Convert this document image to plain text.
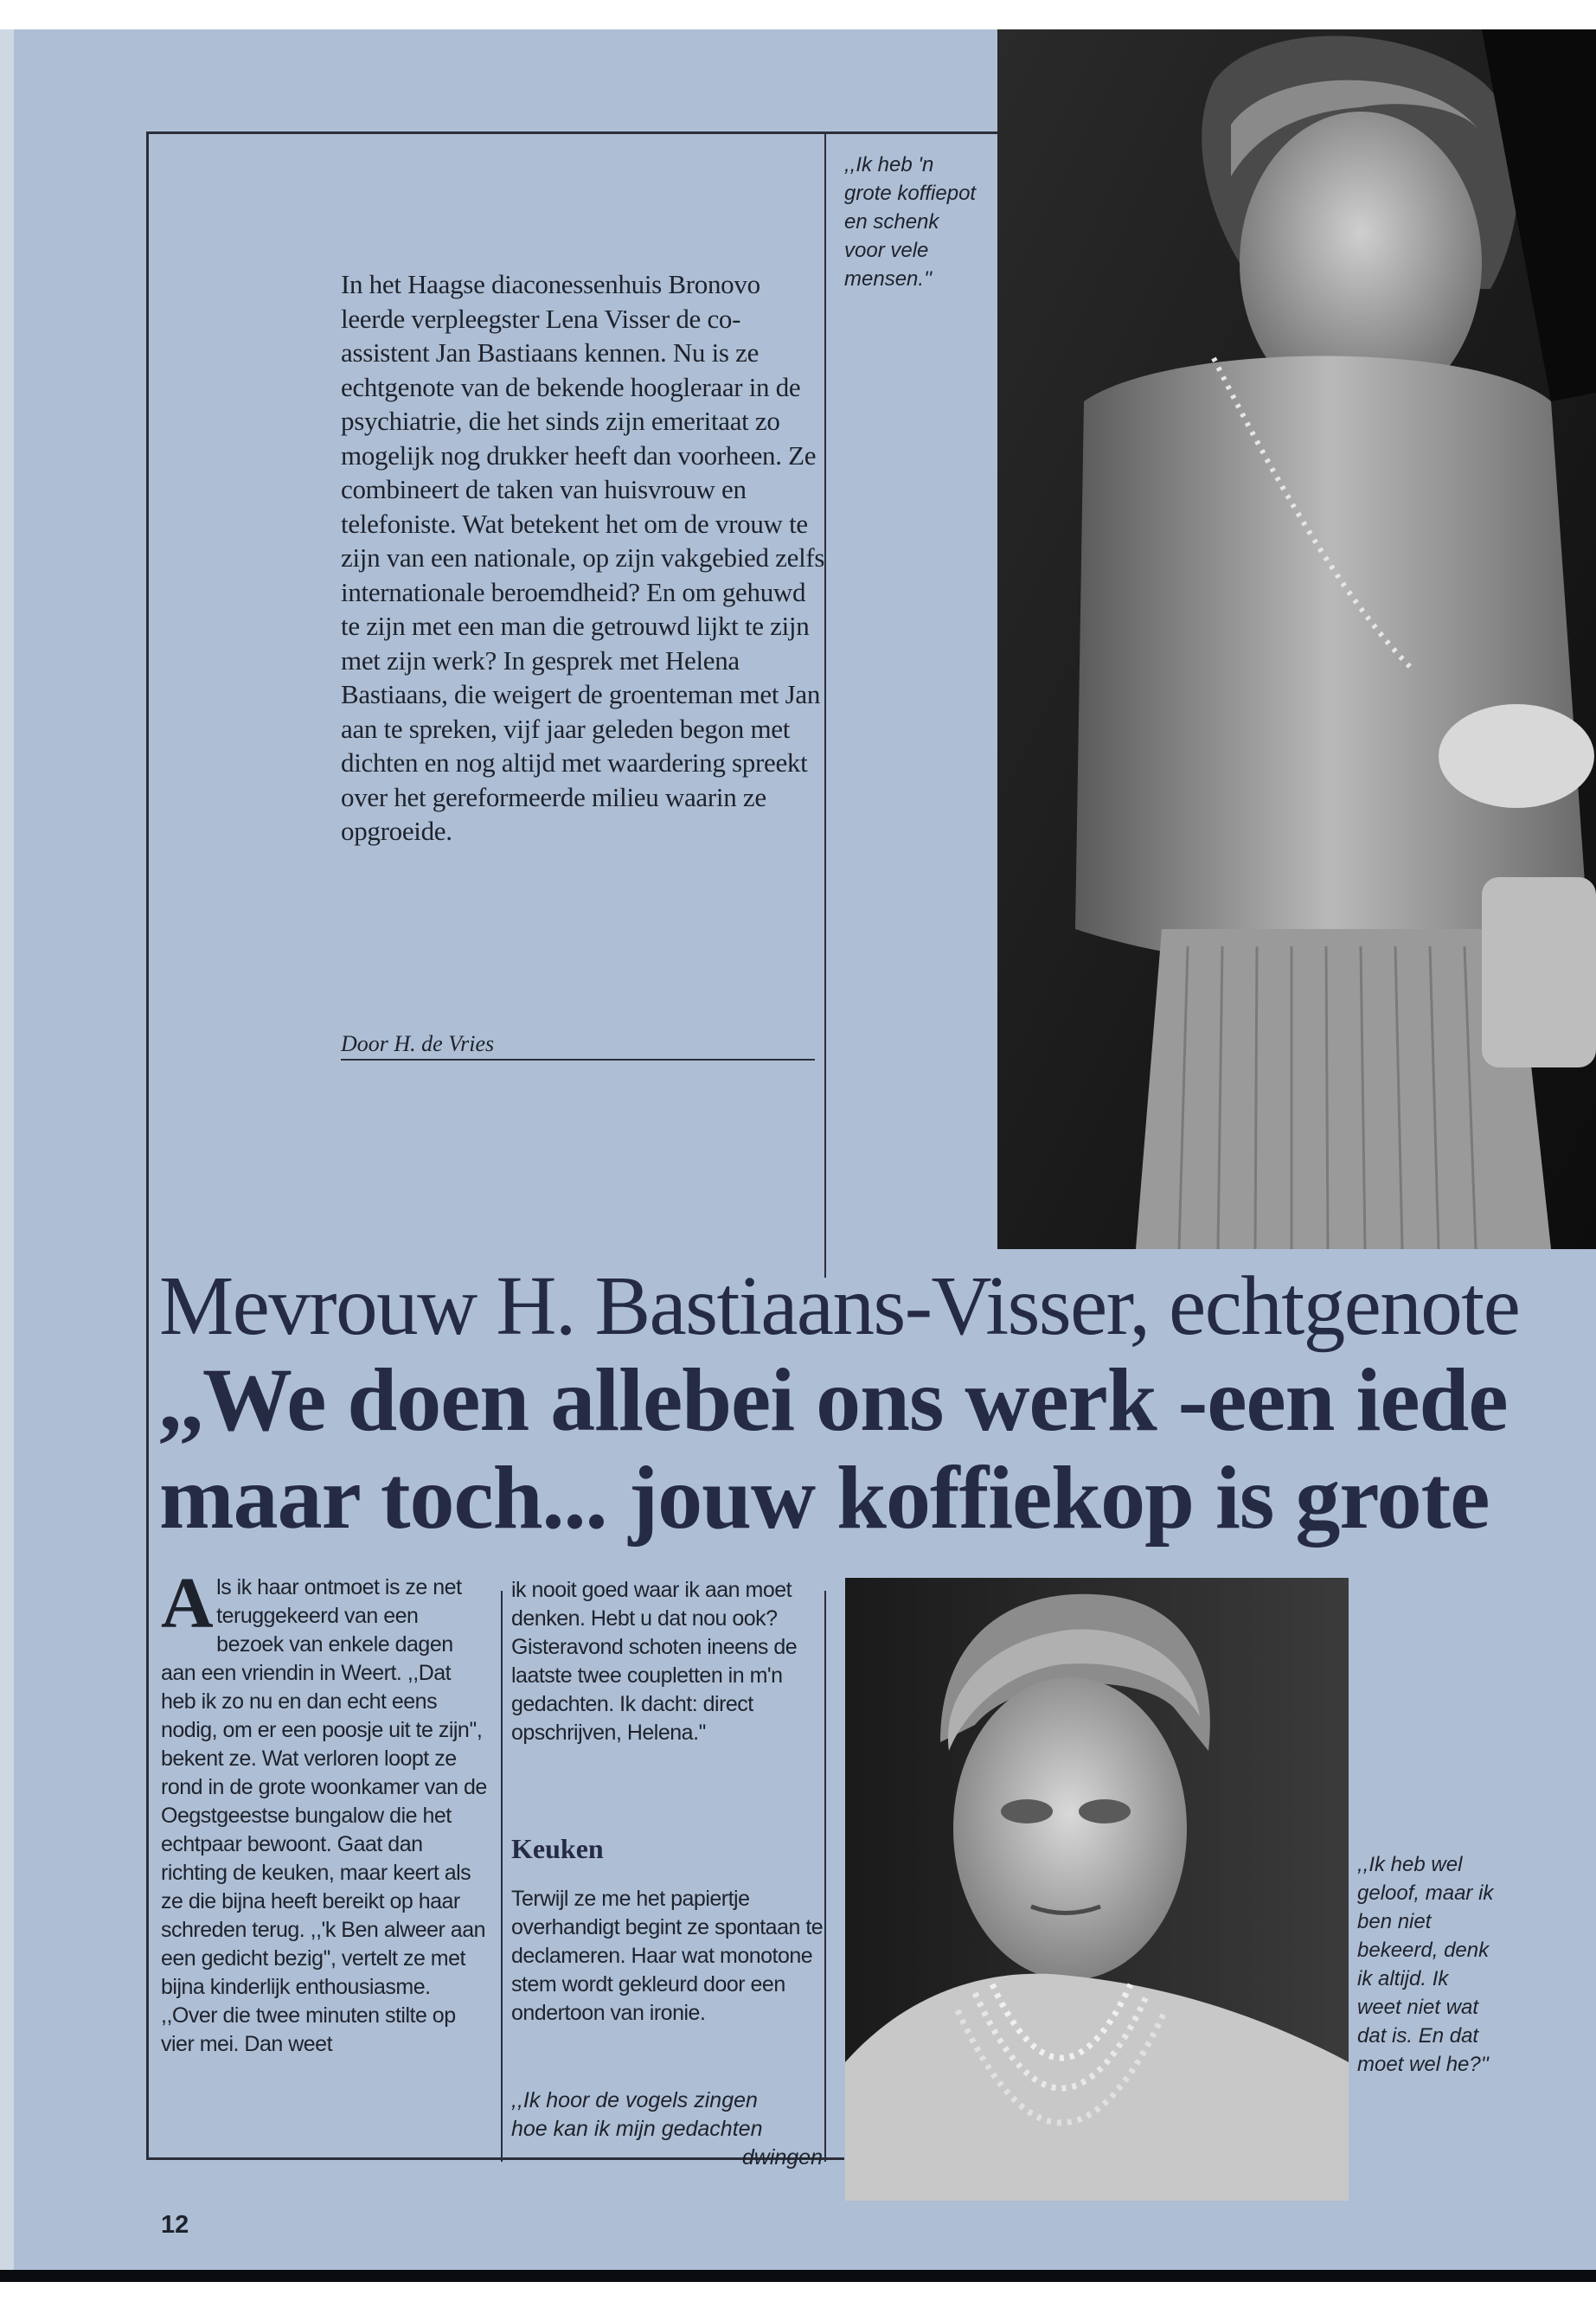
In het Haagse diaconessenhuis Bronovo leerde verpleegster Lena Visser de co-assistent Jan Bastiaans kennen. Nu is ze echtgenote van de bekende hoogleraar in de psychiatrie, die het sinds zijn emeritaat zo mogelijk nog drukker heeft dan voorheen. Ze combineert de taken van huisvrouw en telefoniste. Wat betekent het om de vrouw te zijn van een nationale, op zijn vakgebied zelfs internationale beroemdheid? En om gehuwd te zijn met een man die getrouwd lijkt te zijn met zijn werk? In gesprek met Helena Bastiaans, die weigert de groenteman met Jan aan te spreken, vijf jaar geleden begon met dichten en nog altijd met waardering spreekt over het gereformeerde milieu waarin ze opgroeide.

Door H. de Vries

,,Ik heb 'n grote koffiepot en schenk voor vele mensen.''

Mevrouw H. Bastiaans-Visser, echtgenote
,,We doen allebei ons werk -een iede
maar toch... jouw koffiekop is grote
Als ik haar ontmoet is ze net teruggekeerd van een bezoek van enkele dagen aan een vriendin in Weert. ,,Dat heb ik zo nu en dan echt eens nodig, om er een poosje uit te zijn'', bekent ze. Wat verloren loopt ze rond in de grote woonkamer van de Oegstgeestse bungalow die het echtpaar bewoont. Gaat dan richting de keuken, maar keert als ze die bijna heeft bereikt op haar schreden terug. ,,'k Ben alweer aan een gedicht bezig'', vertelt ze met bijna kinderlijk enthousiasme. ,,Over die twee minuten stilte op vier mei. Dan weet

ik nooit goed waar ik aan moet denken. Hebt u dat nou ook? Gisteravond schoten ineens de laatste twee coupletten in m'n gedachten. Ik dacht: direct opschrijven, Helena.''

Keuken

Terwijl ze me het papiertje overhandigt begint ze spontaan te declameren. Haar wat monotone stem wordt gekleurd door een ondertoon van ironie.

,,Ik hoor de vogels zingen
hoe kan ik mijn gedachten
dwingen

,,Ik heb wel geloof, maar ik ben niet bekeerd, denk ik altijd. Ik weet niet wat dat is. En dat moet wel he?''

12
